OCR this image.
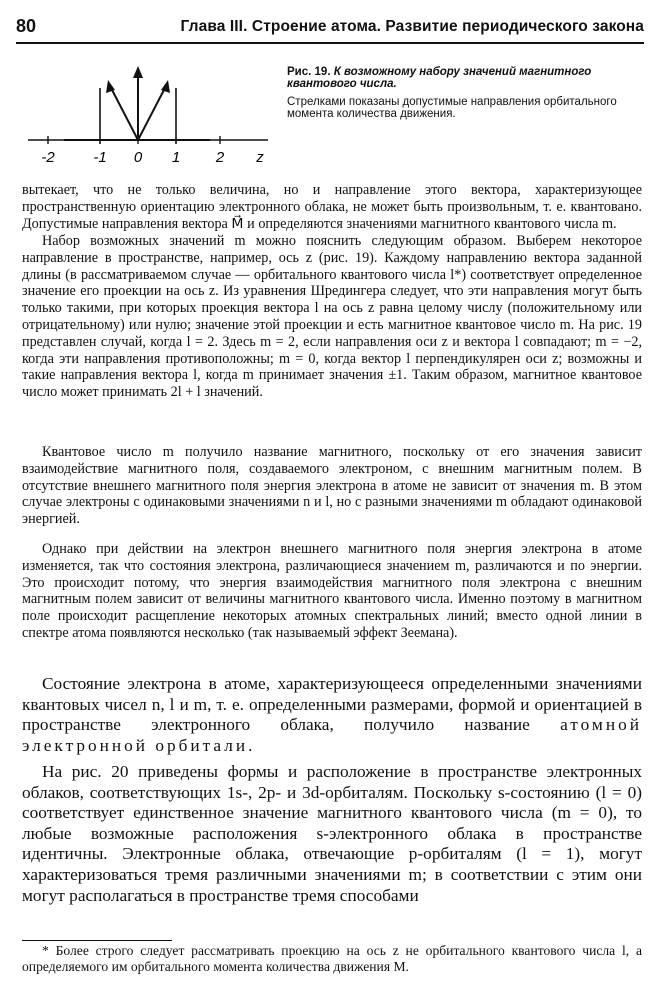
80	Глава III. Строение атома. Развитие периодического закона
-2	-1 0 1 2 z

Рис. 19. К возможному набору значений магнитного квантового числа.

Стрелками показаны допустимые направления орбитального момента количества движения.

вытекает, что не только величина, но и направление этого вектора, характеризующее пространственную ориентацию электронного облака, не может быть произвольным, т. е. квантовано. Допустимые направления вектора M⃗ и определяются значениями магнитного квантового числа m.

Набор возможных значений m можно пояснить следующим образом. Выберем некоторое направление в пространстве, например, ось z (рис. 19). Каждому направлению вектора заданной длины (в рассматриваемом случае — орбитального квантового числа l*) соответствует определенное значение его проекции на ось z. Из уравнения Шредингера следует, что эти направления могут быть только такими, при которых проекция вектора l на ось z равна целому числу (положительному или отрицательному) или нулю; значение этой проекции и есть магнитное квантовое число m. На рис. 19 представлен случай, когда l = 2. Здесь m = 2, если направления оси z и вектора l совпадают; m = −2, когда эти направления противоположны; m = 0, когда вектор l перпендикулярен оси z; возможны и такие направления вектора l, когда m принимает значения ±1. Таким образом, магнитное квантовое число может принимать 2l + l значений.

Квантовое число m получило название магнитного, поскольку от его значения зависит взаимодействие магнитного поля, создаваемого электроном, с внешним магнитным полем. В отсутствие внешнего магнитного поля энергия электрона в атоме не зависит от значения m. В этом случае электроны с одинаковыми значениями n и l, но с разными значениями m обладают одинаковой энергией.

Однако при действии на электрон внешнего магнитного поля энергия электрона в атоме изменяется, так что состояния электрона, различающиеся значением m, различаются и по энергии. Это происходит потому, что энергия взаимодействия магнитного поля электрона с внешним магнитным полем зависит от величины магнитного квантового числа. Именно поэтому в магнитном поле происходит расщепление некоторых атомных спектральных линий; вместо одной линии в спектре атома появляются несколько (так называемый эффект Зеемана).

Состояние электрона в атоме, характеризующееся определенными значениями квантовых чисел n, l и m, т. е. определенными размерами, формой и ориентацией в пространстве электронного облака, получило название атомной электронной орбитали.

На рис. 20 приведены формы и расположение в пространстве электронных облаков, соответствующих 1s-, 2p- и 3d-орбиталям. Поскольку s-состоянию (l = 0) соответствует единственное значение магнитного квантового числа (m = 0), то любые возможные расположения s-электронного облака в пространстве идентичны. Электронные облака, отвечающие p-орбиталям (l = 1), могут характеризоваться тремя различными значениями m; в соответствии с этим они могут располагаться в пространстве тремя способами

* Более строго следует рассматривать проекцию на ось z не орбитального квантового числа l, а определяемого им орбитального момента количества движения M.
